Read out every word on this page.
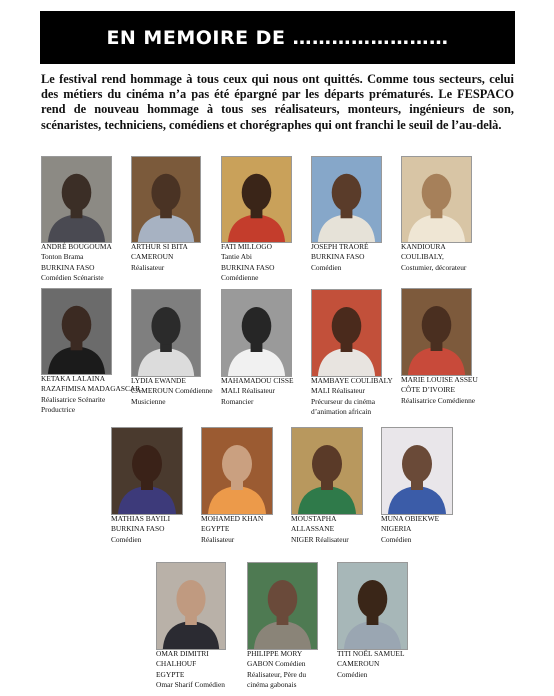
EN MEMOIRE DE ……………………

Le festival rend hommage à tous ceux qui nous ont quittés. Comme tous secteurs, celui des métiers du cinéma n’a pas été épargné par les départs prématurés. Le FESPACO rend de nouveau hommage à tous ses réalisateurs, monteurs, ingénieurs de son, scénaristes, techniciens, comédiens et chorégraphes qui ont franchi le seuil de l’au-delà.

ANDRÉ BOUGOUMA
Tonton Brama
BURKINA FASO
Comédien Scénariste
ARTHUR SI BITA
CAMEROUN
Réalisateur
FATI MILLOGO
Tantie Abi
BURKINA FASO
Comédienne
JOSEPH TRAORÉ
BURKINA FASO
Comédien
KANDIOURA
COULIBALY,
Costumier, décorateur
KETAKA LALAINA
RAZAFIMISA MADAGASCAR,
Réalisatrice Scénarite
Productrice
LYDIA EWANDE
CAMEROUN Comédienne
Musicienne
MAHAMADOU CISSE
MALI Réalisateur
Romancier
MAMBAYE COULIBALY
MALI Réalisateur
Précurseur du cinéma
d’animation africain
MARIE LOUISE ASSEU
CÔTE D’IVOIRE
Réalisatrice Comédienne
MATHIAS BAYILI
BURKINA FASO
Comédien
MOHAMED KHAN
EGYPTE
Réalisateur
MOUSTAPHA
ALLASSANE
NIGER Réalisateur
MUNA OBIEKWE
NIGERIA
Comédien
OMAR DIMITRI
CHALHOUF
EGYPTE
Omar Sharif Comédien
PHILIPPE MORY
GABON Comédien
Réalisateur, Père du
cinéma gabonais
TITI NOËL SAMUEL
CAMEROUN
Comédien
